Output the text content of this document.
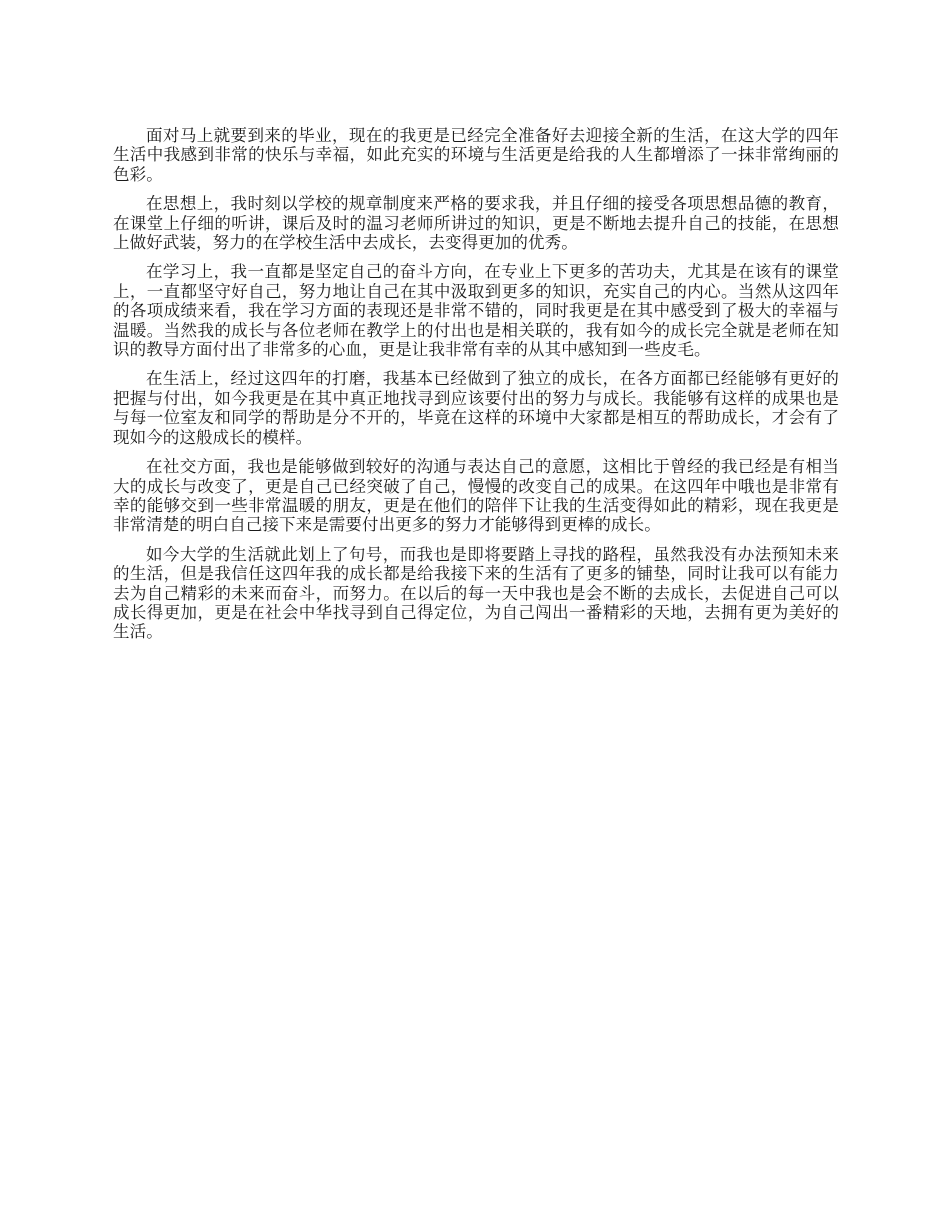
面对马上就要到来的毕业，现在的我更是已经完全准备好去迎接全新的生活，在这大学的四年生活中我感到非常的快乐与幸福，如此充实的环境与生活更是给我的人生都增添了一抹非常绚丽的色彩。

在思想上，我时刻以学校的规章制度来严格的要求我，并且仔细的接受各项思想品德的教育，在课堂上仔细的听讲，课后及时的温习老师所讲过的知识，更是不断地去提升自己的技能，在思想上做好武装，努力的在学校生活中去成长，去变得更加的优秀。

在学习上，我一直都是坚定自己的奋斗方向，在专业上下更多的苦功夫，尤其是在该有的课堂上，一直都坚守好自己，努力地让自己在其中汲取到更多的知识，充实自己的内心。当然从这四年的各项成绩来看，我在学习方面的表现还是非常不错的，同时我更是在其中感受到了极大的幸福与温暖。当然我的成长与各位老师在教学上的付出也是相关联的，我有如今的成长完全就是老师在知识的教导方面付出了非常多的心血，更是让我非常有幸的从其中感知到一些皮毛。

在生活上，经过这四年的打磨，我基本已经做到了独立的成长，在各方面都已经能够有更好的把握与付出，如今我更是在其中真正地找寻到应该要付出的努力与成长。我能够有这样的成果也是与每一位室友和同学的帮助是分不开的，毕竟在这样的环境中大家都是相互的帮助成长，才会有了现如今的这般成长的模样。

在社交方面，我也是能够做到较好的沟通与表达自己的意愿，这相比于曾经的我已经是有相当大的成长与改变了，更是自己已经突破了自己，慢慢的改变自己的成果。在这四年中哦也是非常有幸的能够交到一些非常温暖的朋友，更是在他们的陪伴下让我的生活变得如此的精彩，现在我更是非常清楚的明白自己接下来是需要付出更多的努力才能够得到更棒的成长。

如今大学的生活就此划上了句号，而我也是即将要踏上寻找的路程，虽然我没有办法预知未来的生活，但是我信任这四年我的成长都是给我接下来的生活有了更多的铺垫，同时让我可以有能力去为自己精彩的未来而奋斗，而努力。在以后的每一天中我也是会不断的去成长，去促进自己可以成长得更加，更是在社会中华找寻到自己得定位，为自己闯出一番精彩的天地，去拥有更为美好的生活。
